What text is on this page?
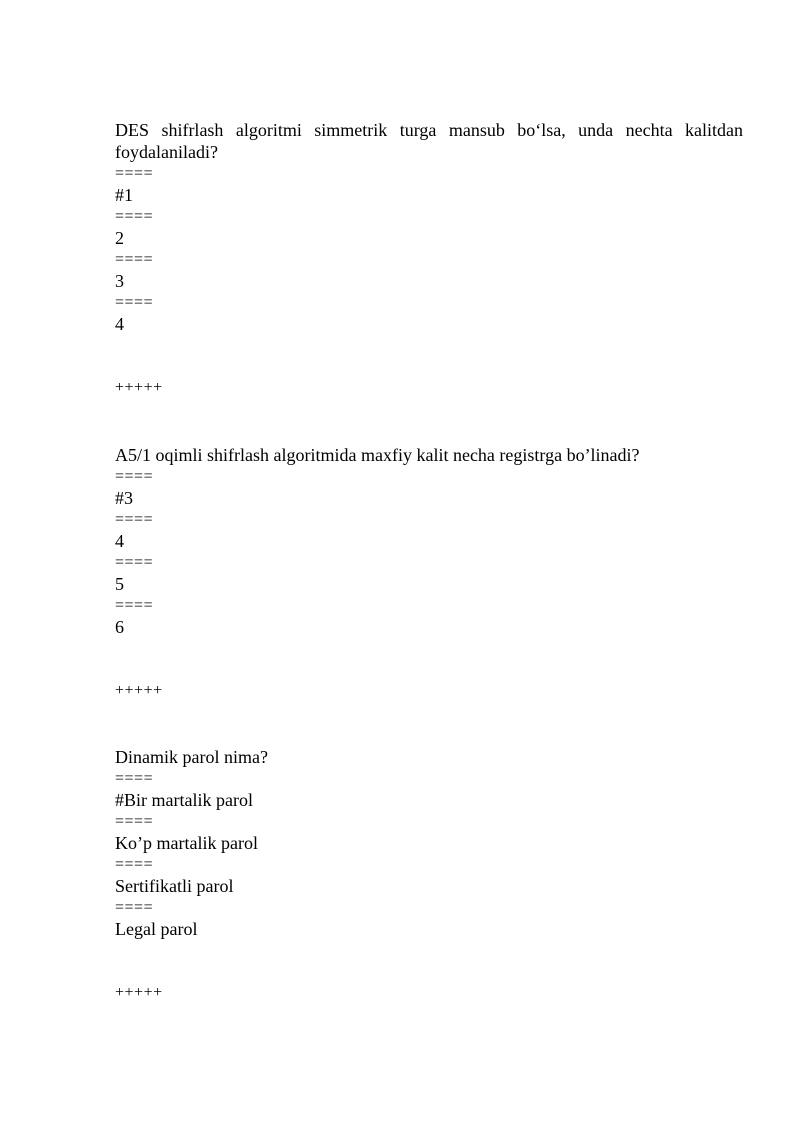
DES shifrlash algoritmi simmetrik turga mansub bo‘lsa, unda nechta kalitdan foydalaniladi?

====

#1

====

2

====

3

====

4

+++++

A5/1 oqimli shifrlash algoritmida maxfiy kalit necha registrga bo’linadi?

====

#3

====

4

====

5

====

6

+++++

Dinamik parol nima?

====

#Bir martalik parol

====

Ko’p martalik parol

====

Sertifikatli parol

====

Legal parol

+++++
